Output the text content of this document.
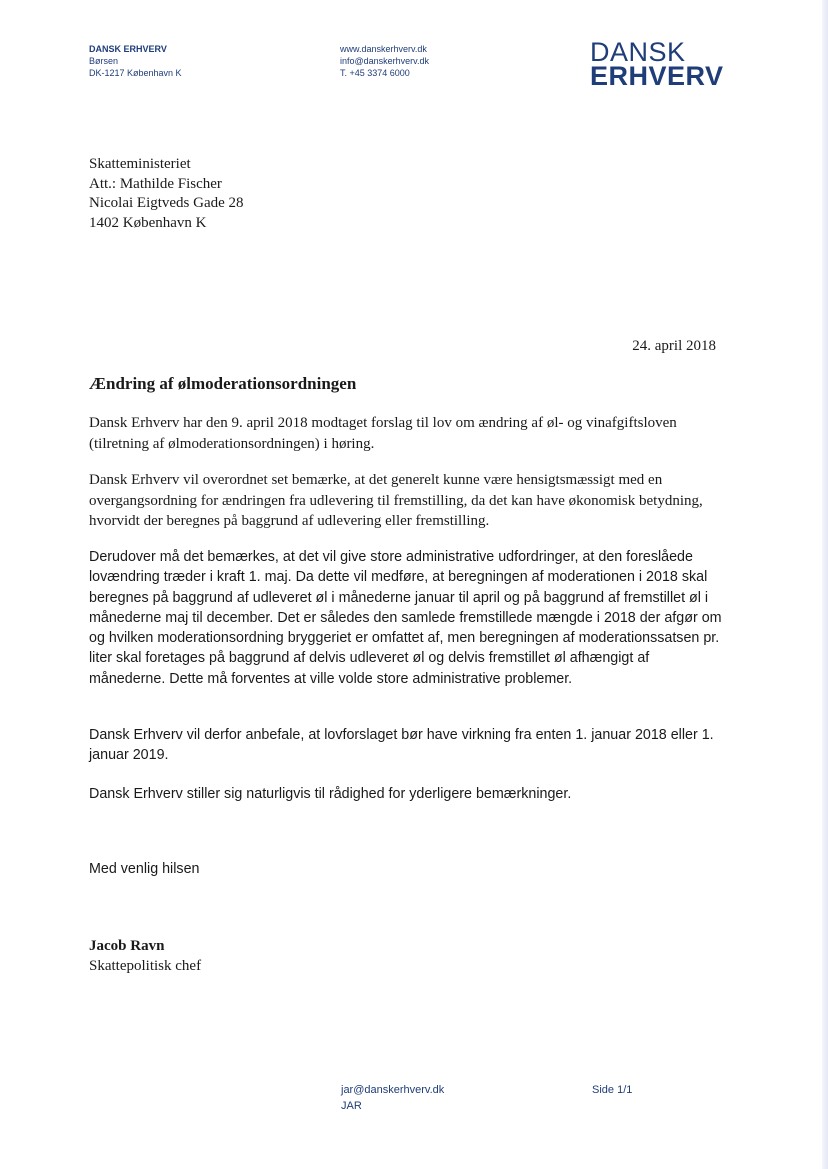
DANSK ERHVERV
Børsen
DK-1217 København K
www.danskerhverv.dk
info@danskerhverv.dk
T. +45 3374 6000
DANSK
ERHVERV
Skatteministeriet
Att.: Mathilde Fischer
Nicolai Eigtveds Gade 28
1402 København K
24. april 2018
Ændring af ølmoderationsordningen
Dansk Erhverv har den 9. april 2018 modtaget forslag til lov om ændring af øl- og vinafgiftsloven (tilretning af ølmoderationsordningen) i høring.
Dansk Erhverv vil overordnet set bemærke, at det generelt kunne være hensigtsmæssigt med en overgangsordning for ændringen fra udlevering til fremstilling, da det kan have økonomisk betydning, hvorvidt der beregnes på baggrund af udlevering eller fremstilling.
Derudover må det bemærkes, at det vil give store administrative udfordringer, at den foreslåede lovændring træder i kraft 1. maj. Da dette vil medføre, at beregningen af moderationen i 2018 skal beregnes på baggrund af udleveret øl i månederne januar til april og på baggrund af fremstillet øl i månederne maj til december. Det er således den samlede fremstillede mængde i 2018 der afgør om og hvilken moderationsordning bryggeriet er omfattet af, men beregningen af moderationssatsen pr. liter skal foretages på baggrund af delvis udleveret øl og delvis fremstillet øl afhængigt af månederne. Dette må forventes at ville volde store administrative problemer.
Dansk Erhverv vil derfor anbefale, at lovforslaget bør have virkning fra enten 1. januar 2018 eller 1. januar 2019.
Dansk Erhverv stiller sig naturligvis til rådighed for yderligere bemærkninger.
Med venlig hilsen
Jacob Ravn
Skattepolitisk chef
jar@danskerhverv.dk
JAR
Side 1/1
